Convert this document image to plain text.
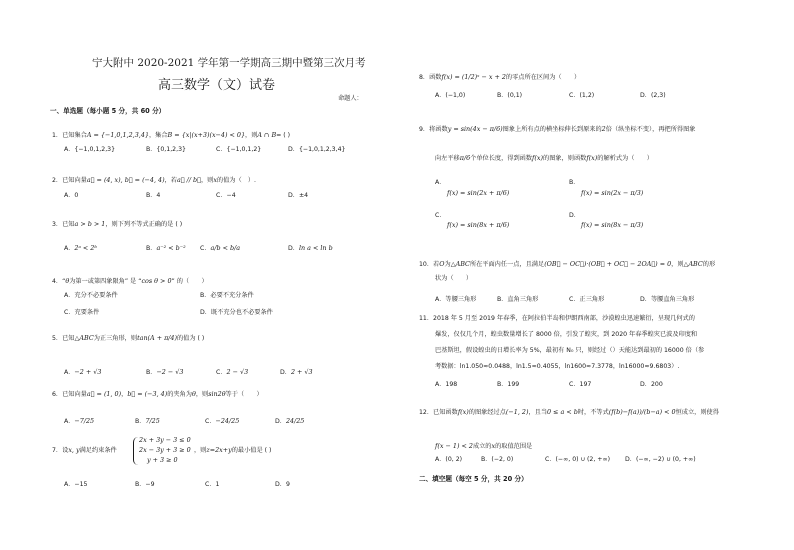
宁大附中 2020-2021 学年第一学期高三期中暨第三次月考
高三数学（文）试卷
命题人：
一、单选题（每小题 5 分，共 60 分）
1．已知集合A = {−1,0,1,2,3,4}，集合B = {x|(x+3)(x−4) < 0}，则A ∩ B= ( )
A．{−1,0,1,2,3}	B．{0,1,2,3}	C．{−1,0,1,2}	D．{−1,0,1,2,3,4}
2．已知向量a⃗ = (4, x), b⃗ = (−4, 4)，若a⃗ // b⃗，则x的值为（　）.
A．0	B．4	C．−4	D．±4
3．已知a > b > 1，则下列不等式正确的是 ( )
A．2ᵃ < 2ᵇ	B．a⁻² < b⁻² C．a/b < b/a	D．ln a < ln b
4．“θ为第一或第四象限角” 是 “cos θ > 0” 的（　　）
A．充分不必要条件	B．必要不充分条件
C．充要条件	D．既不充分也不必要条件
5．已知△ABC为正三角形，则tan(A + π/4)的值为 ( )
A．−2 + √3	B．−2 − √3	C．2 − √3	D．2 + √3
6．已知向量a⃗ = (1, 0)，b⃗ = (−3, 4)的夹角为θ，则sin2θ等于（　　）
A．−7/25	B．7/25	C．−24/25	D．24/25
7．设x, y满足约束条件
2x + 3y − 3 ≤ 0
2x − 3y + 3 ≥ 0
y + 3 ≥ 0
，则z=2x+y的最小值是 ( )
A．−15	B．−9	C．1	D．9
8．函数f(x) = (1/2)ˣ − x + 2的零点所在区间为（　　）
A．(−1,0)	B．(0,1)	C．(1,2)	D．(2,3)
9．将函数y = sin(4x − π/6)图象上所有点的横坐标伸长到原来的2倍（纵坐标不变），再把所得图象
向左平移π/6个单位长度，得到函数f(x)的图象，则函数f(x)的解析式为（　　）
A．
f(x) = sin(2x + π/6)
B．
f(x) = sin(2x − π/3)
C．
f(x) = sin(8x + π/6)
D．
f(x) = sin(8x − π/3)
10．若O为△ABC所在平面内任一点，且满足(OB⃗ − OC⃗)·(OB⃗ + OC⃗ − 2OA⃗) = 0，则△ABC的形
状为（　　）
A．等腰三角形	B．直角三角形	C．正三角形	D．等腰直角三角形
11．2018 年 5 月至 2019 年春季，在阿拉伯半岛和伊朗西南部，沙漠蝗虫迅速繁衍，呈现几何式的
爆发，仅仅几个月，蝗虫数量增长了 8000 倍，引发了蝗灾，到 2020 年春季蝗灾已波及印度和
巴基斯坦，假设蝗虫的日增长率为 5%，最初有 N₀ 只，则经过（）天能达到最初的 16000 倍（参
考数据：ln1.050≈0.0488，ln1.5≈0.4055，ln1600≈7.3778，ln16000≈9.6803）.
A．198	B．199	C．197	D．200
12．已知函数f(x)的图象经过点(−1, 2)，且当0 ≤ a < b时，不等式(f(b)−f(a))/(b−a) < 0恒成立，则使得
f(x − 1) < 2成立的x的取值范围是
A．(0, 2)	B．(−2, 0)	C．(−∞, 0) ∪ (2, +∞) D．(−∞, −2) ∪ (0, +∞)
二、填空题（每空 5 分，共 20 分）
